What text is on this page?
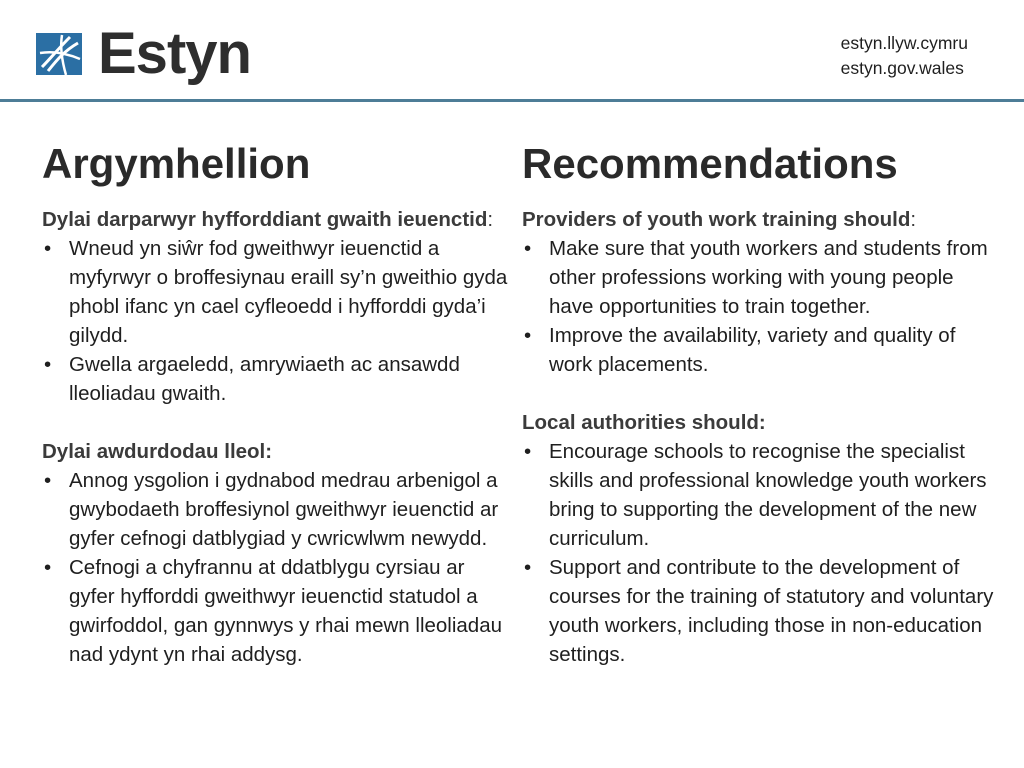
Estyn	estyn.llyw.cymru
estyn.gov.wales
Argymhellion
Dylai darparwyr hyfforddiant gwaith ieuenctid:
• Wneud yn siŵr fod gweithwyr ieuenctid a myfyrwyr o broffesiynau eraill sy’n gweithio gyda phobl ifanc yn cael cyfleoedd i hyfforddi gyda’i gilydd.
• Gwella argaeledd, amrywiaeth ac ansawdd lleoliadau gwaith.
Dylai awdurdodau lleol:
• Annog ysgolion i gydnabod medrau arbenigol a gwybodaeth broffesiynol gweithwyr ieuenctid ar gyfer cefnogi datblygiad y cwricwlwm newydd.
• Cefnogi a chyfrannu at ddatblygu cyrsiau ar gyfer hyfforddi gweithwyr ieuenctid statudol a gwirfoddol, gan gynnwys y rhai mewn lleoliadau nad ydynt yn rhai addysg.
Recommendations
Providers of youth work training should:
• Make sure that youth workers and students from other professions working with young people have opportunities to train together.
• Improve the availability, variety and quality of work placements.
Local authorities should:
• Encourage schools to recognise the specialist skills and professional knowledge youth workers bring to supporting the development of the new curriculum.
• Support and contribute to the development of courses for the training of statutory and voluntary youth workers, including those in non-education settings.
